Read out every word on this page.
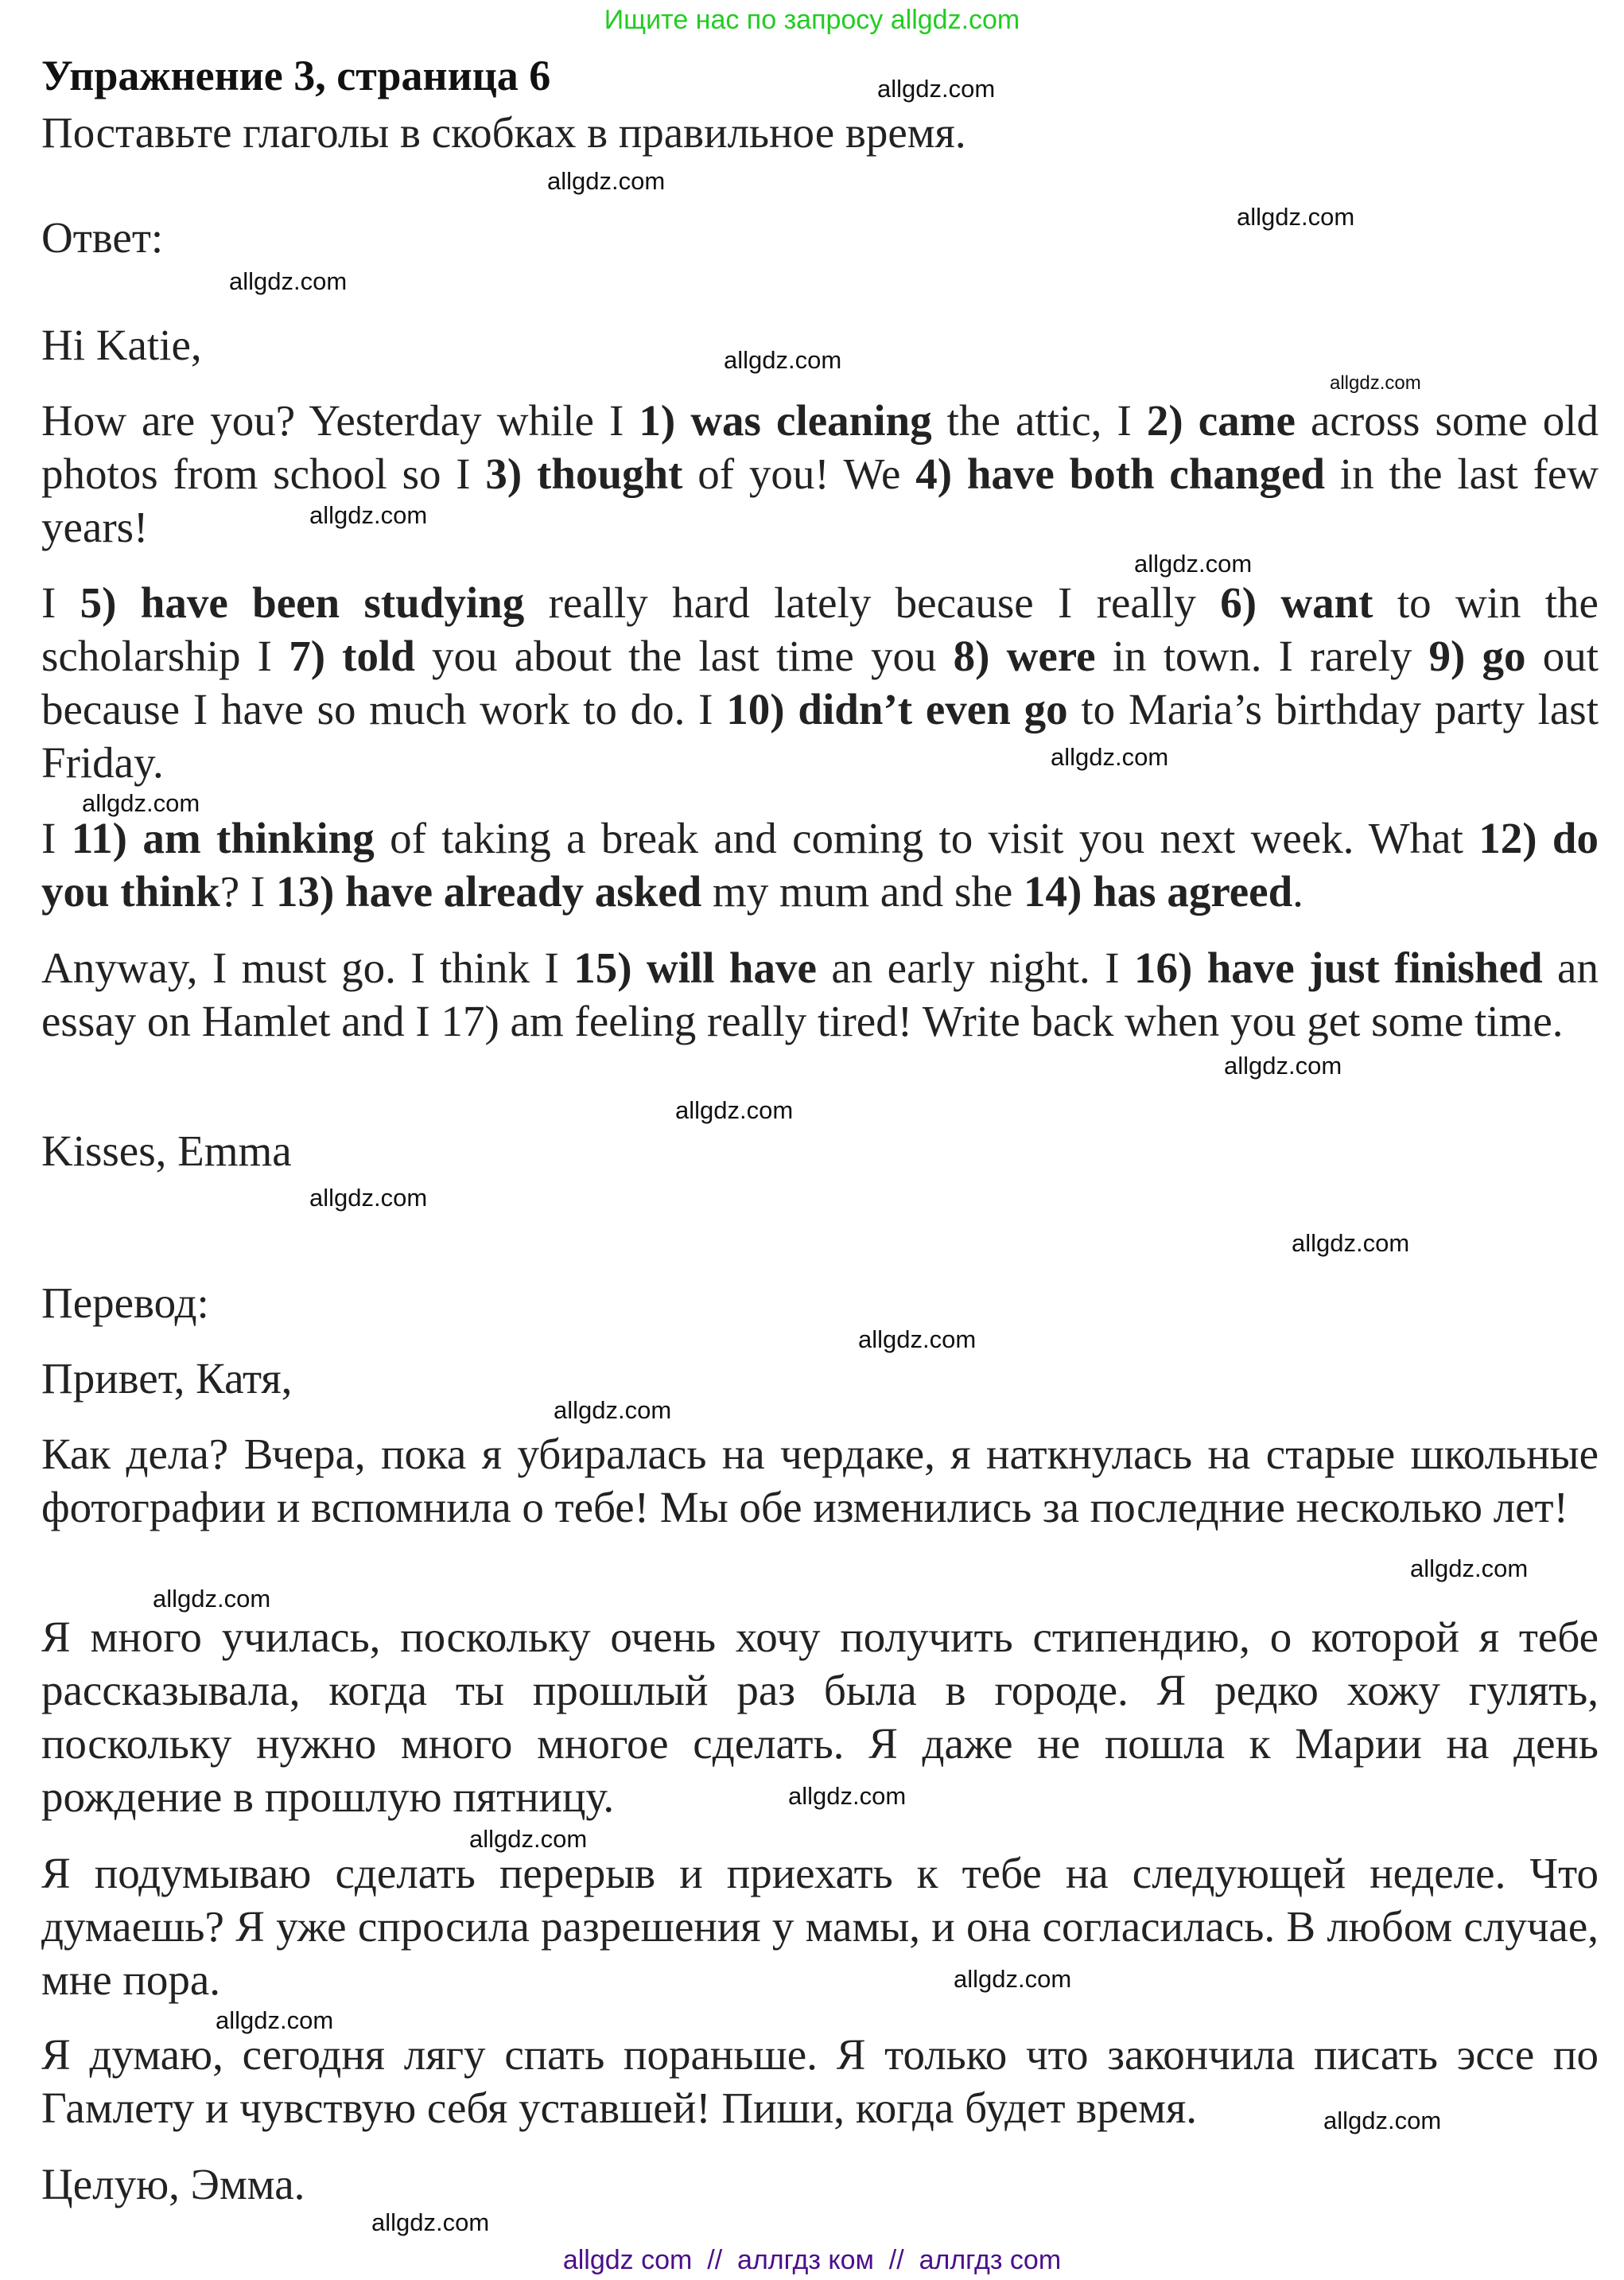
Ищите нас по запросу allgdz.com
Упражнение 3, страница 6
Поставьте глаголы в скобках в правильное время.
Ответ:
Hi Katie,
How are you? Yesterday while I 1) was cleaning the attic, I 2) came across some old photos from school so I 3) thought of you! We 4) have both changed in the last few years!
I 5) have been studying really hard lately because I really 6) want to win the scholarship I 7) told you about the last time you 8) were in town. I rarely 9) go out because I have so much work to do. I 10) didn’t even go to Maria’s birthday party last Friday.
I 11) am thinking of taking a break and coming to visit you next week. What 12) do you think? I 13) have already asked my mum and she 14) has agreed.
Anyway, I must go. I think I 15) will have an early night. I 16) have just finished an essay on Hamlet and I 17) am feeling really tired! Write back when you get some time.
Kisses, Emma
Перевод:
Привет, Катя,
Как дела? Вчера, пока я убиралась на чердаке, я наткнулась на старые школьные фотографии и вспомнила о тебе! Мы обе изменились за последние несколько лет!
Я много училась, поскольку очень хочу получить стипендию, о которой я тебе рассказывала, когда ты прошлый раз была в городе. Я редко хожу гулять, поскольку нужно много многое сделать. Я даже не пошла к Марии на день рождение в прошлую пятницу.
Я подумываю сделать перерыв и приехать к тебе на следующей неделе. Что думаешь? Я уже спросила разрешения у мамы, и она согласилась. В любом случае, мне пора.
Я думаю, сегодня лягу спать пораньше. Я только что закончила писать эссе по Гамлету и чувствую себя уставшей! Пиши, когда будет время.
Целую, Эмма.
allgdz.com
allgdz.com
allgdz.com
allgdz.com
allgdz.com
allgdz.com
allgdz.com
allgdz.com
allgdz.com
allgdz.com
allgdz.com
allgdz.com
allgdz.com
allgdz.com
allgdz.com
allgdz.com
allgdz.com
allgdz.com
allgdz.com
allgdz.com
allgdz.com
allgdz.com
allgdz.com
allgdz.com
allgdz com  //  аллгдз ком  //  аллгдз com
